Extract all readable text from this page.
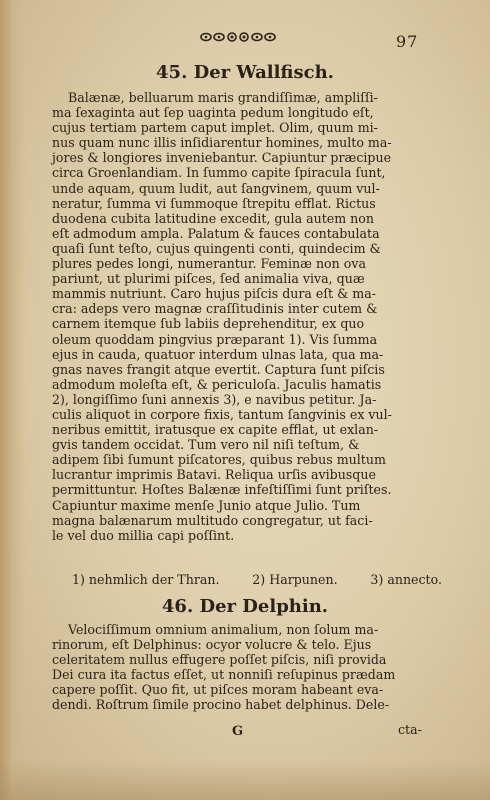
97
45. Der Wallfisch.
Balænæ, belluarum maris grandiſſimæ, ampliſſi-
ma ſexaginta aut ſep uaginta pedum longitudo eſt,
cujus tertiam partem caput implet. Olim, quum mi-
nus quam nunc illis inſidiarentur homines, multo ma-
jores & longiores inveniebantur. Capiuntur præcipue
circa Groenlandiam. In ſummo capite ſpiracula ſunt,
unde aquam, quum ludit, aut ſangvinem, quum vul-
neratur, ſumma vi ſummoque ſtrepitu efflat. Rictus
duodena cubita latitudine excedit, gula autem non
eſt admodum ampla. Palatum & fauces contabulata
quaſi ſunt teſto, cujus quingenti conti, quindecim &
plures pedes longi, numerantur. Feminæ non ova
pariunt, ut plurimi piſces, ſed animalia viva, quæ
mammis nutriunt. Caro hujus piſcis dura eſt & ma-
cra: adeps vero magnæ craſſitudinis inter cutem &
carnem itemque ſub labiis deprehenditur, ex quo
oleum quoddam pingvius præparant 1). Vis ſumma
ejus in cauda, quatuor interdum ulnas lata, qua ma-
gnas naves frangit atque evertit. Captura ſunt piſcis
admodum moleſta eſt, & periculoſa. Jaculis hamatis
2), longiſſimo ſuni annexis 3), e navibus petitur. Ja-
culis aliquot in corpore fixis, tantum ſangvinis ex vul-
neribus emittit, iratusque ex capite efflat, ut exlan-
gvis tandem occidat. Tum vero nil niſi teſtum, &
adipem ſibi ſumunt piſcatores, quibus rebus multum
lucrantur imprimis Batavi. Reliqua urſis avibusque
permittuntur. Hoſtes Balænæ infeſtiſſimi ſunt priſtes.
Capiuntur maxime menſe Junio atque Julio. Tum
magna balænarum multitudo congregatur, ut faci-
le vel duo millia capi poſſint.
1) nehmlich der Thran.	2) Harpunen.	3) annecto.
46. Der Delphin.
Velociſſimum omnium animalium, non ſolum ma-
rinorum, eſt Delphinus: ocyor volucre & telo. Ejus
celeritatem nullus effugere poſſet piſcis, niſi provida
Dei cura ita factus eſſet, ut nonniſi reſupinus prædam
capere poſſit. Quo fit, ut piſces moram habeant eva-
dendi. Roſtrum ſimile procino habet delphinus. Dele-
G	cta-
